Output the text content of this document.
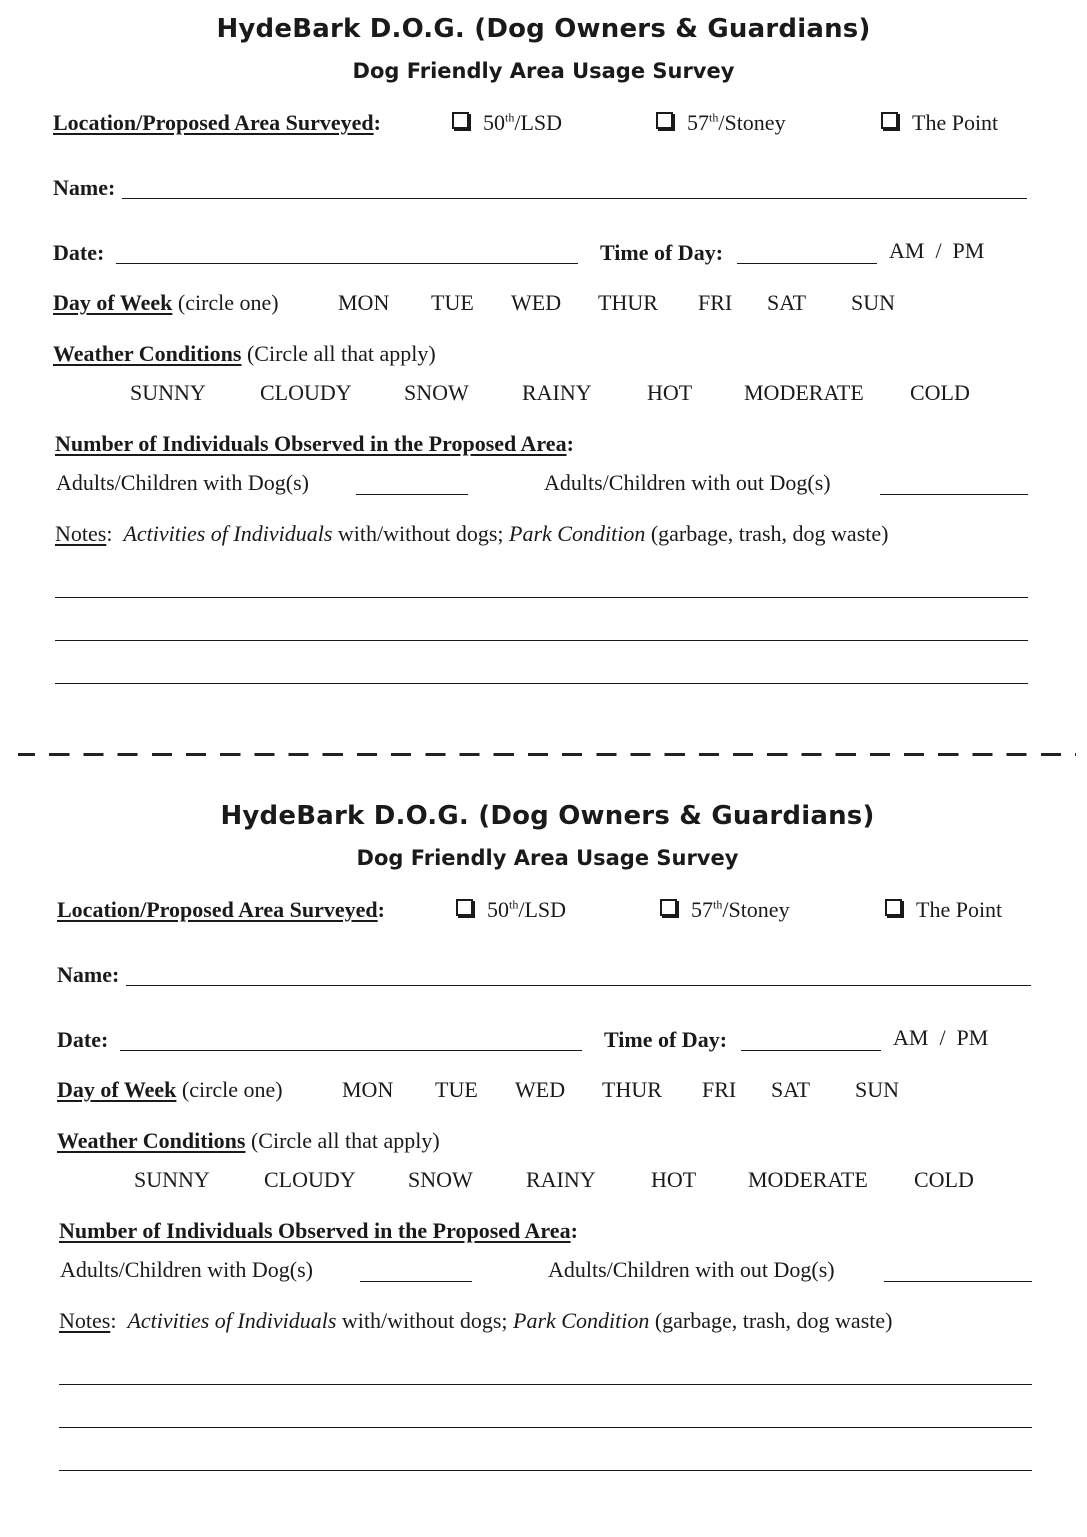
HydeBark D.O.G. (Dog Owners & Guardians)
Dog Friendly Area Usage Survey
Location/Proposed Area Surveyed:	50th/LSD	57th/Stoney	The Point
Name:
Date:	Time of Day:	AM  /  PM
Day of Week (circle one)	MON TUE WED THUR FRI SAT SUN
Weather Conditions (Circle all that apply)
SUNNY CLOUDY SNOW RAINY	HOT MODERATE COLD
Number of Individuals Observed in the Proposed Area:
Adults/Children with Dog(s)	Adults/Children with out Dog(s)
Notes: Activities of Individuals with/without dogs; Park Condition (garbage, trash, dog waste)
HydeBark D.O.G. (Dog Owners & Guardians)
Dog Friendly Area Usage Survey
Location/Proposed Area Surveyed:	50th/LSD	57th/Stoney	The Point
Name:
Date:	Time of Day:	AM  /  PM
Day of Week (circle one)	MON TUE WED THUR FRI SAT SUN
Weather Conditions (Circle all that apply)
SUNNY CLOUDY SNOW RAINY	HOT MODERATE COLD
Number of Individuals Observed in the Proposed Area:
Adults/Children with Dog(s)	Adults/Children with out Dog(s)
Notes: Activities of Individuals with/without dogs; Park Condition (garbage, trash, dog waste)
